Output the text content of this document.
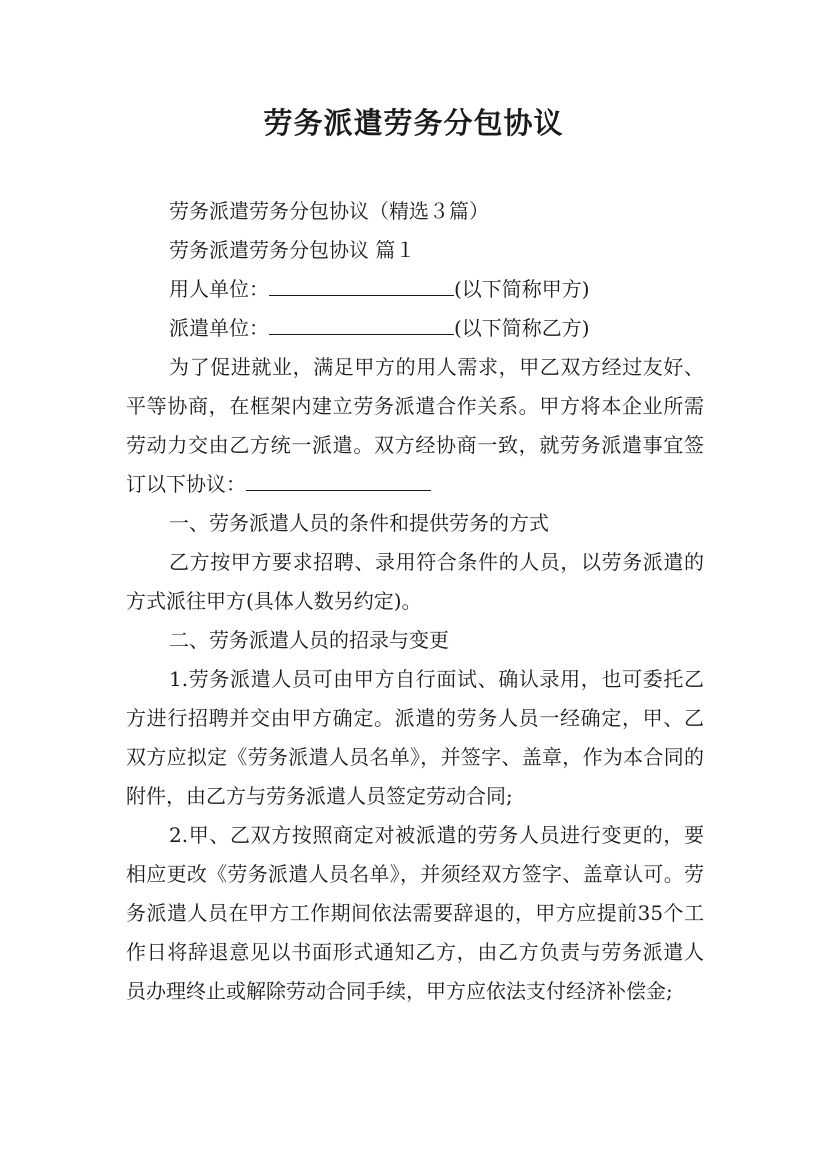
劳务派遣劳务分包协议

劳务派遣劳务分包协议（精选３篇）

劳务派遣劳务分包协议 篇１

用人单位：	(以下简称甲方)

派遣单位：	(以下简称乙方)

为了促进就业，满足甲方的用人需求，甲乙双方经过友好、平等协商，在框架内建立劳务派遣合作关系。甲方将本企业所需劳动力交由乙方统一派遣。双方经协商一致，就劳务派遣事宜签订以下协议：

一、劳务派遣人员的条件和提供劳务的方式

乙方按甲方要求招聘、录用符合条件的人员，以劳务派遣的方式派往甲方(具体人数另约定)。

二、劳务派遣人员的招录与变更

1.劳务派遣人员可由甲方自行面试、确认录用，也可委托乙方进行招聘并交由甲方确定。派遣的劳务人员一经确定，甲、乙双方应拟定《劳务派遣人员名单》，并签字、盖章，作为本合同的附件，由乙方与劳务派遣人员签定劳动合同;

2.甲、乙双方按照商定对被派遣的劳务人员进行变更的，要相应更改《劳务派遣人员名单》，并须经双方签字、盖章认可。劳务派遣人员在甲方工作期间依法需要辞退的，甲方应提前35个工作日将辞退意见以书面形式通知乙方，由乙方负责与劳务派遣人员办理终止或解除劳动合同手续，甲方应依法支付经济补偿金;
